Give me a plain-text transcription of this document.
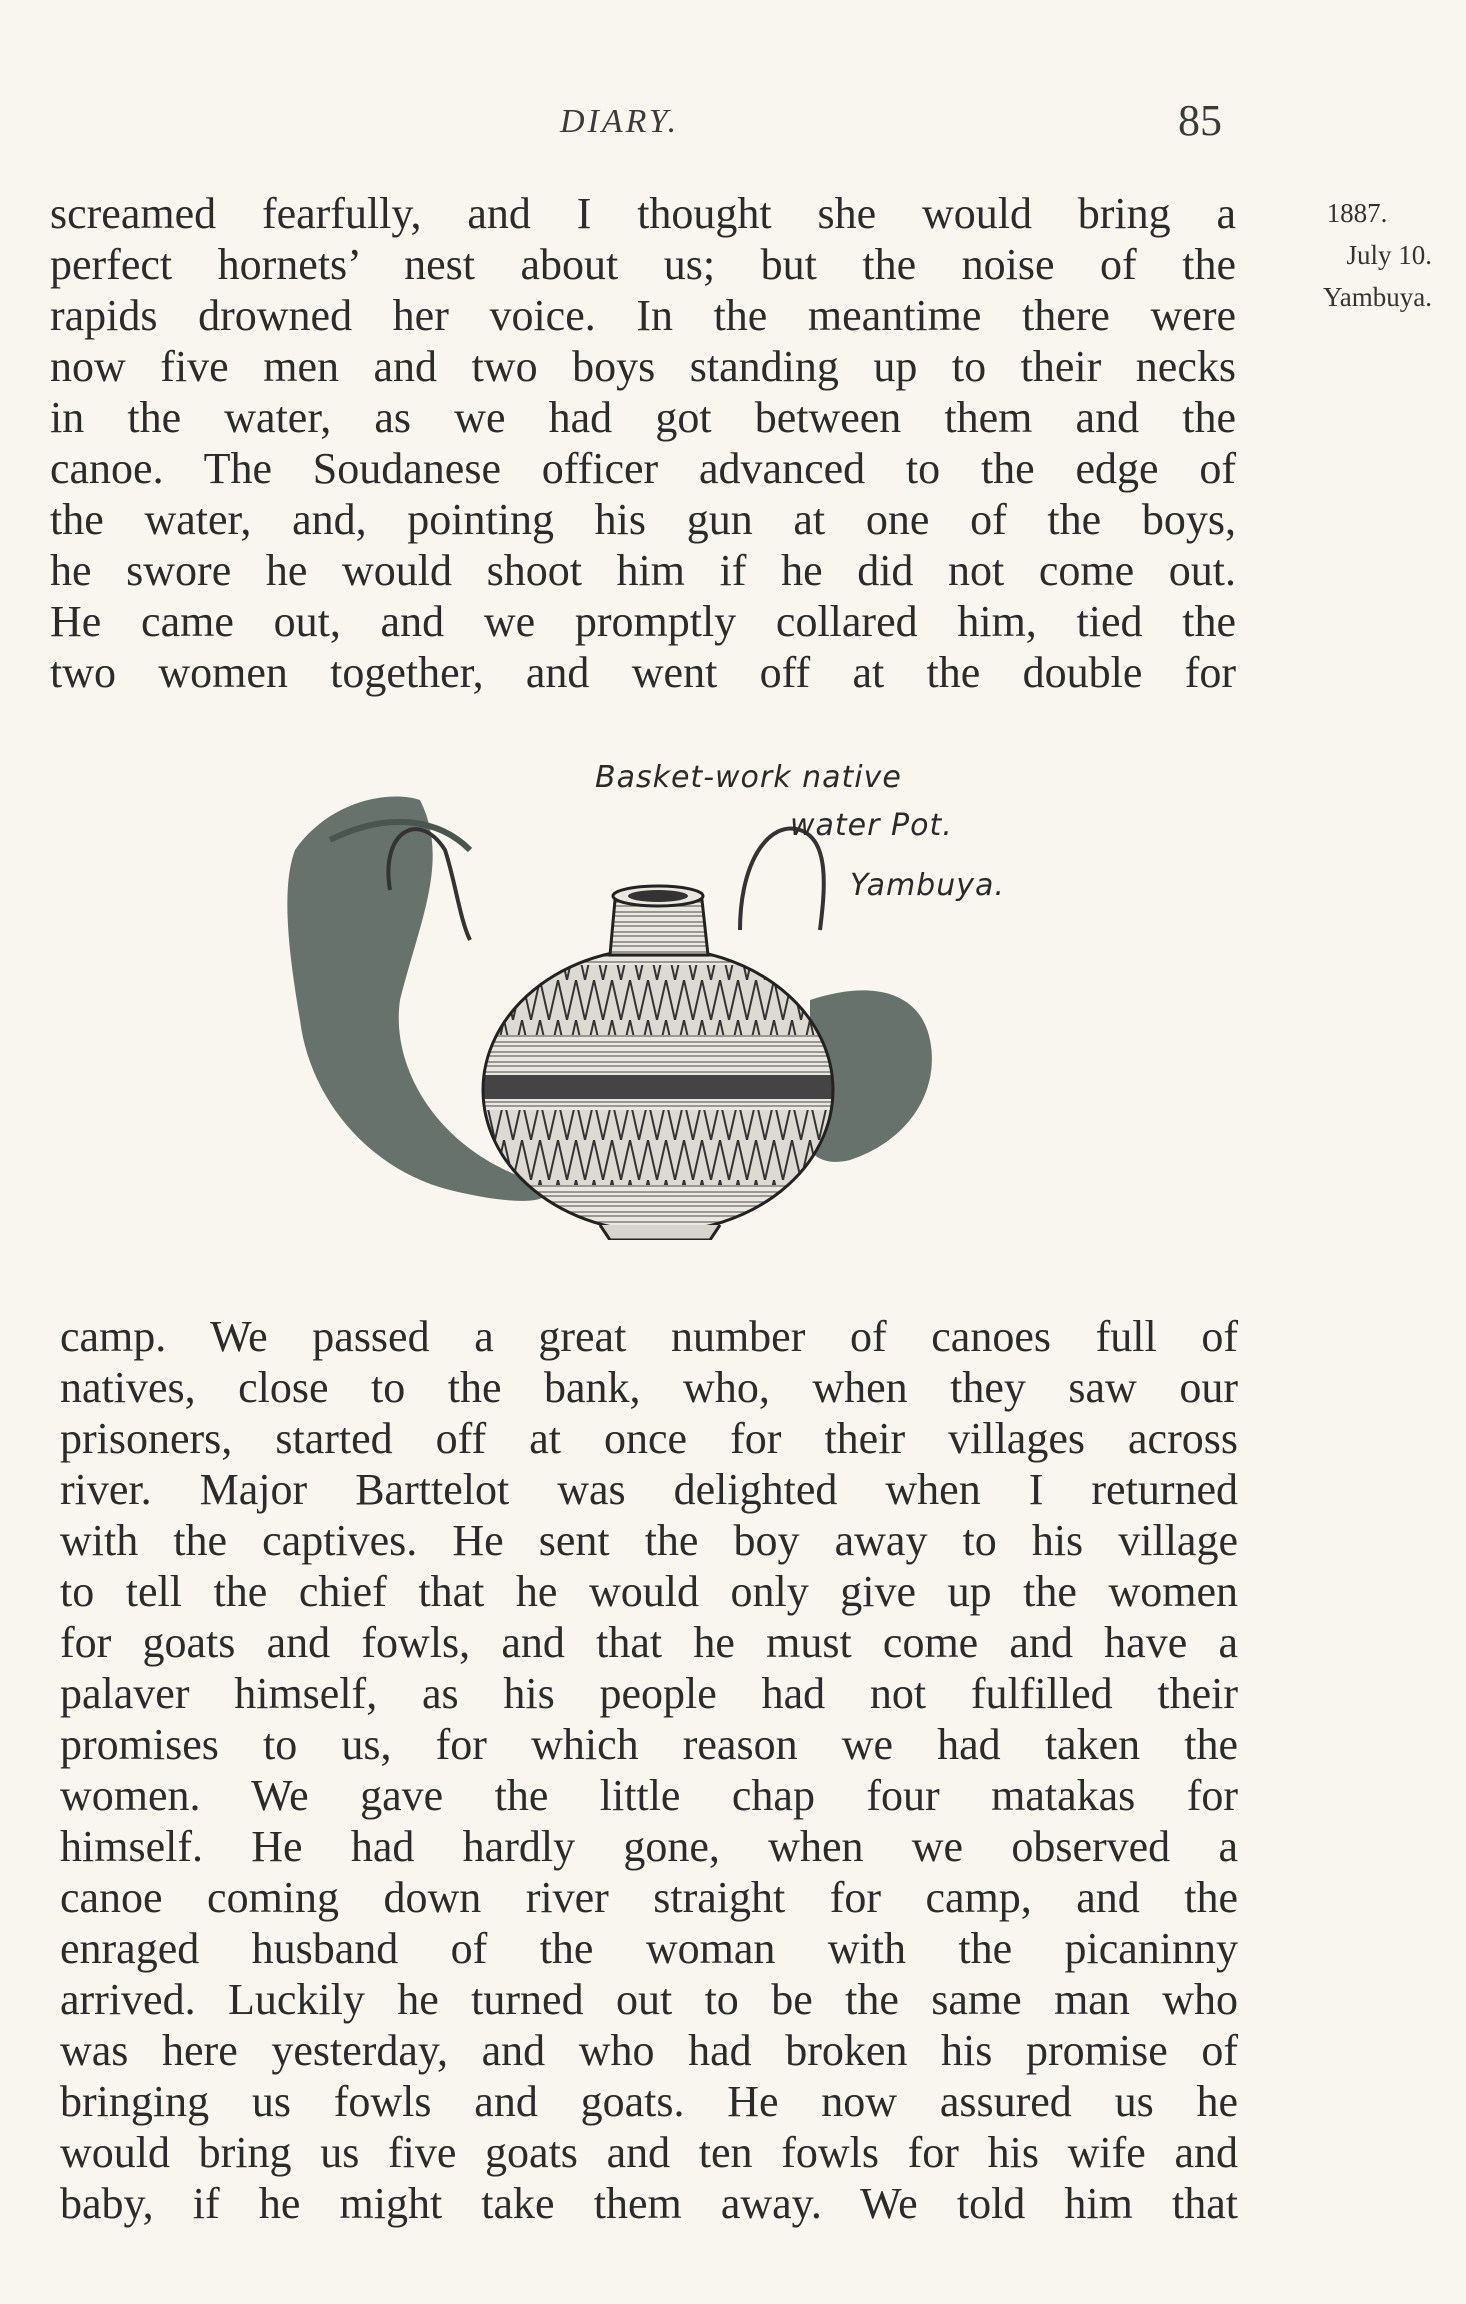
DIARY.	85
1887.
July 10.
Yambuya.
screamed fearfully, and I thought she would bring a
perfect hornets’ nest about us; but the noise of the
rapids drowned her voice. In the meantime there were
now five men and two boys standing up to their necks
in the water, as we had got between them and the
canoe. The Soudanese officer advanced to the edge of
the water, and, pointing his gun at one of the boys,
he swore he would shoot him if he did not come out.
He came out, and we promptly collared him, tied the
two women together, and went off at the double for
Basket-work native
water Pot.
Yambuya.
camp. We passed a great number of canoes full of
natives, close to the bank, who, when they saw our
prisoners, started off at once for their villages across
river. Major Barttelot was delighted when I returned
with the captives. He sent the boy away to his village
to tell the chief that he would only give up the women
for goats and fowls, and that he must come and have a
palaver himself, as his people had not fulfilled their
promises to us, for which reason we had taken the
women. We gave the little chap four matakas for
himself. He had hardly gone, when we observed a
canoe coming down river straight for camp, and the
enraged husband of the woman with the picaninny
arrived. Luckily he turned out to be the same man who
was here yesterday, and who had broken his promise of
bringing us fowls and goats. He now assured us he
would bring us five goats and ten fowls for his wife and
baby, if he might take them away. We told him that
